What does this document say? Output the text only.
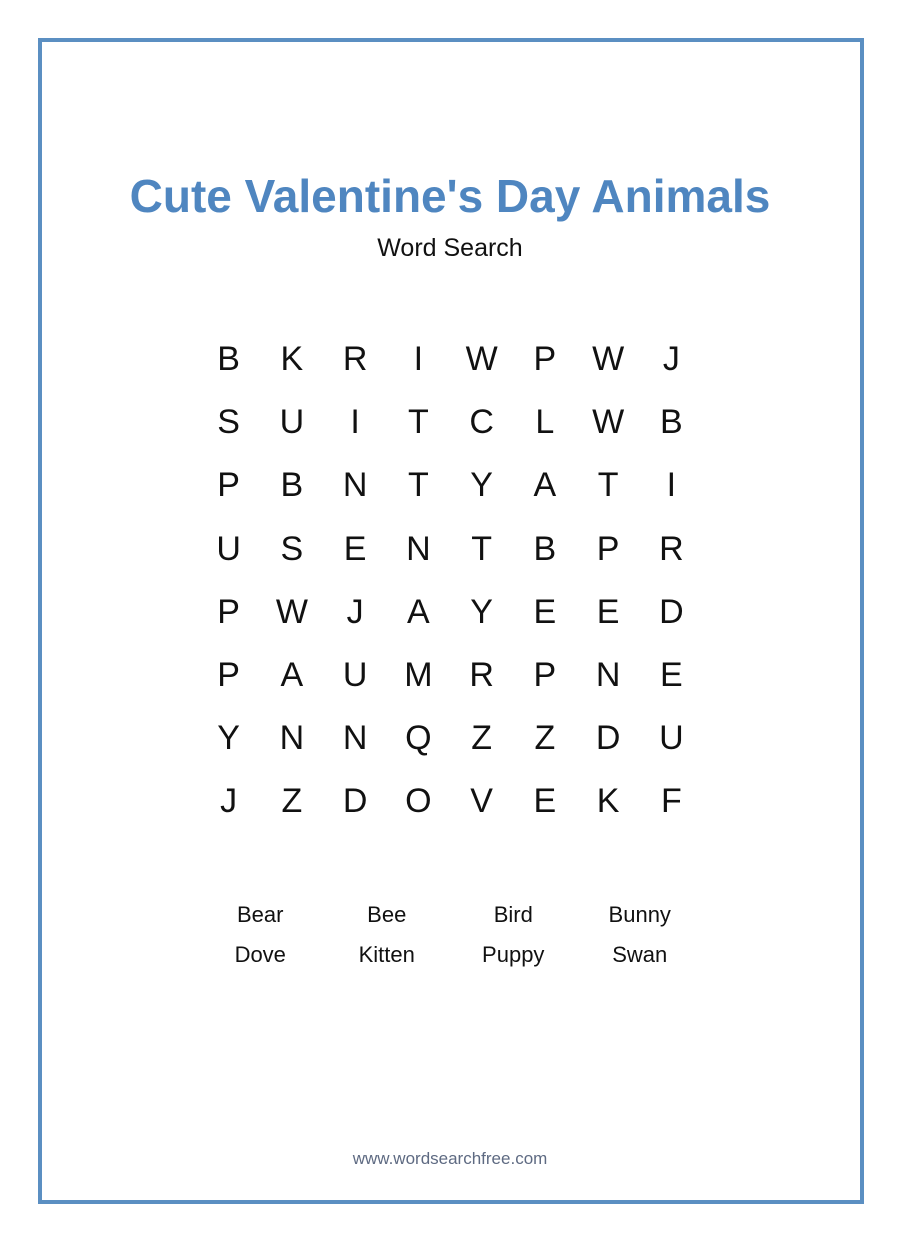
Cute Valentine's Day Animals
Word Search
B	K	R	I	W	P	W	J
S	U	I	T	C	L	W	B
P	B	N	T	Y	A	T	I
U	S	E	N	T	B	P	R
P	W	J	A	Y	E	E	D
P	A	U	M	R	P	N	E
Y	N	N	Q	Z	Z	D	U
J	Z	D	O	V	E	K	F
Bear	Bee	Bird	Bunny
Dove	Kitten	Puppy	Swan
www.wordsearchfree.com
